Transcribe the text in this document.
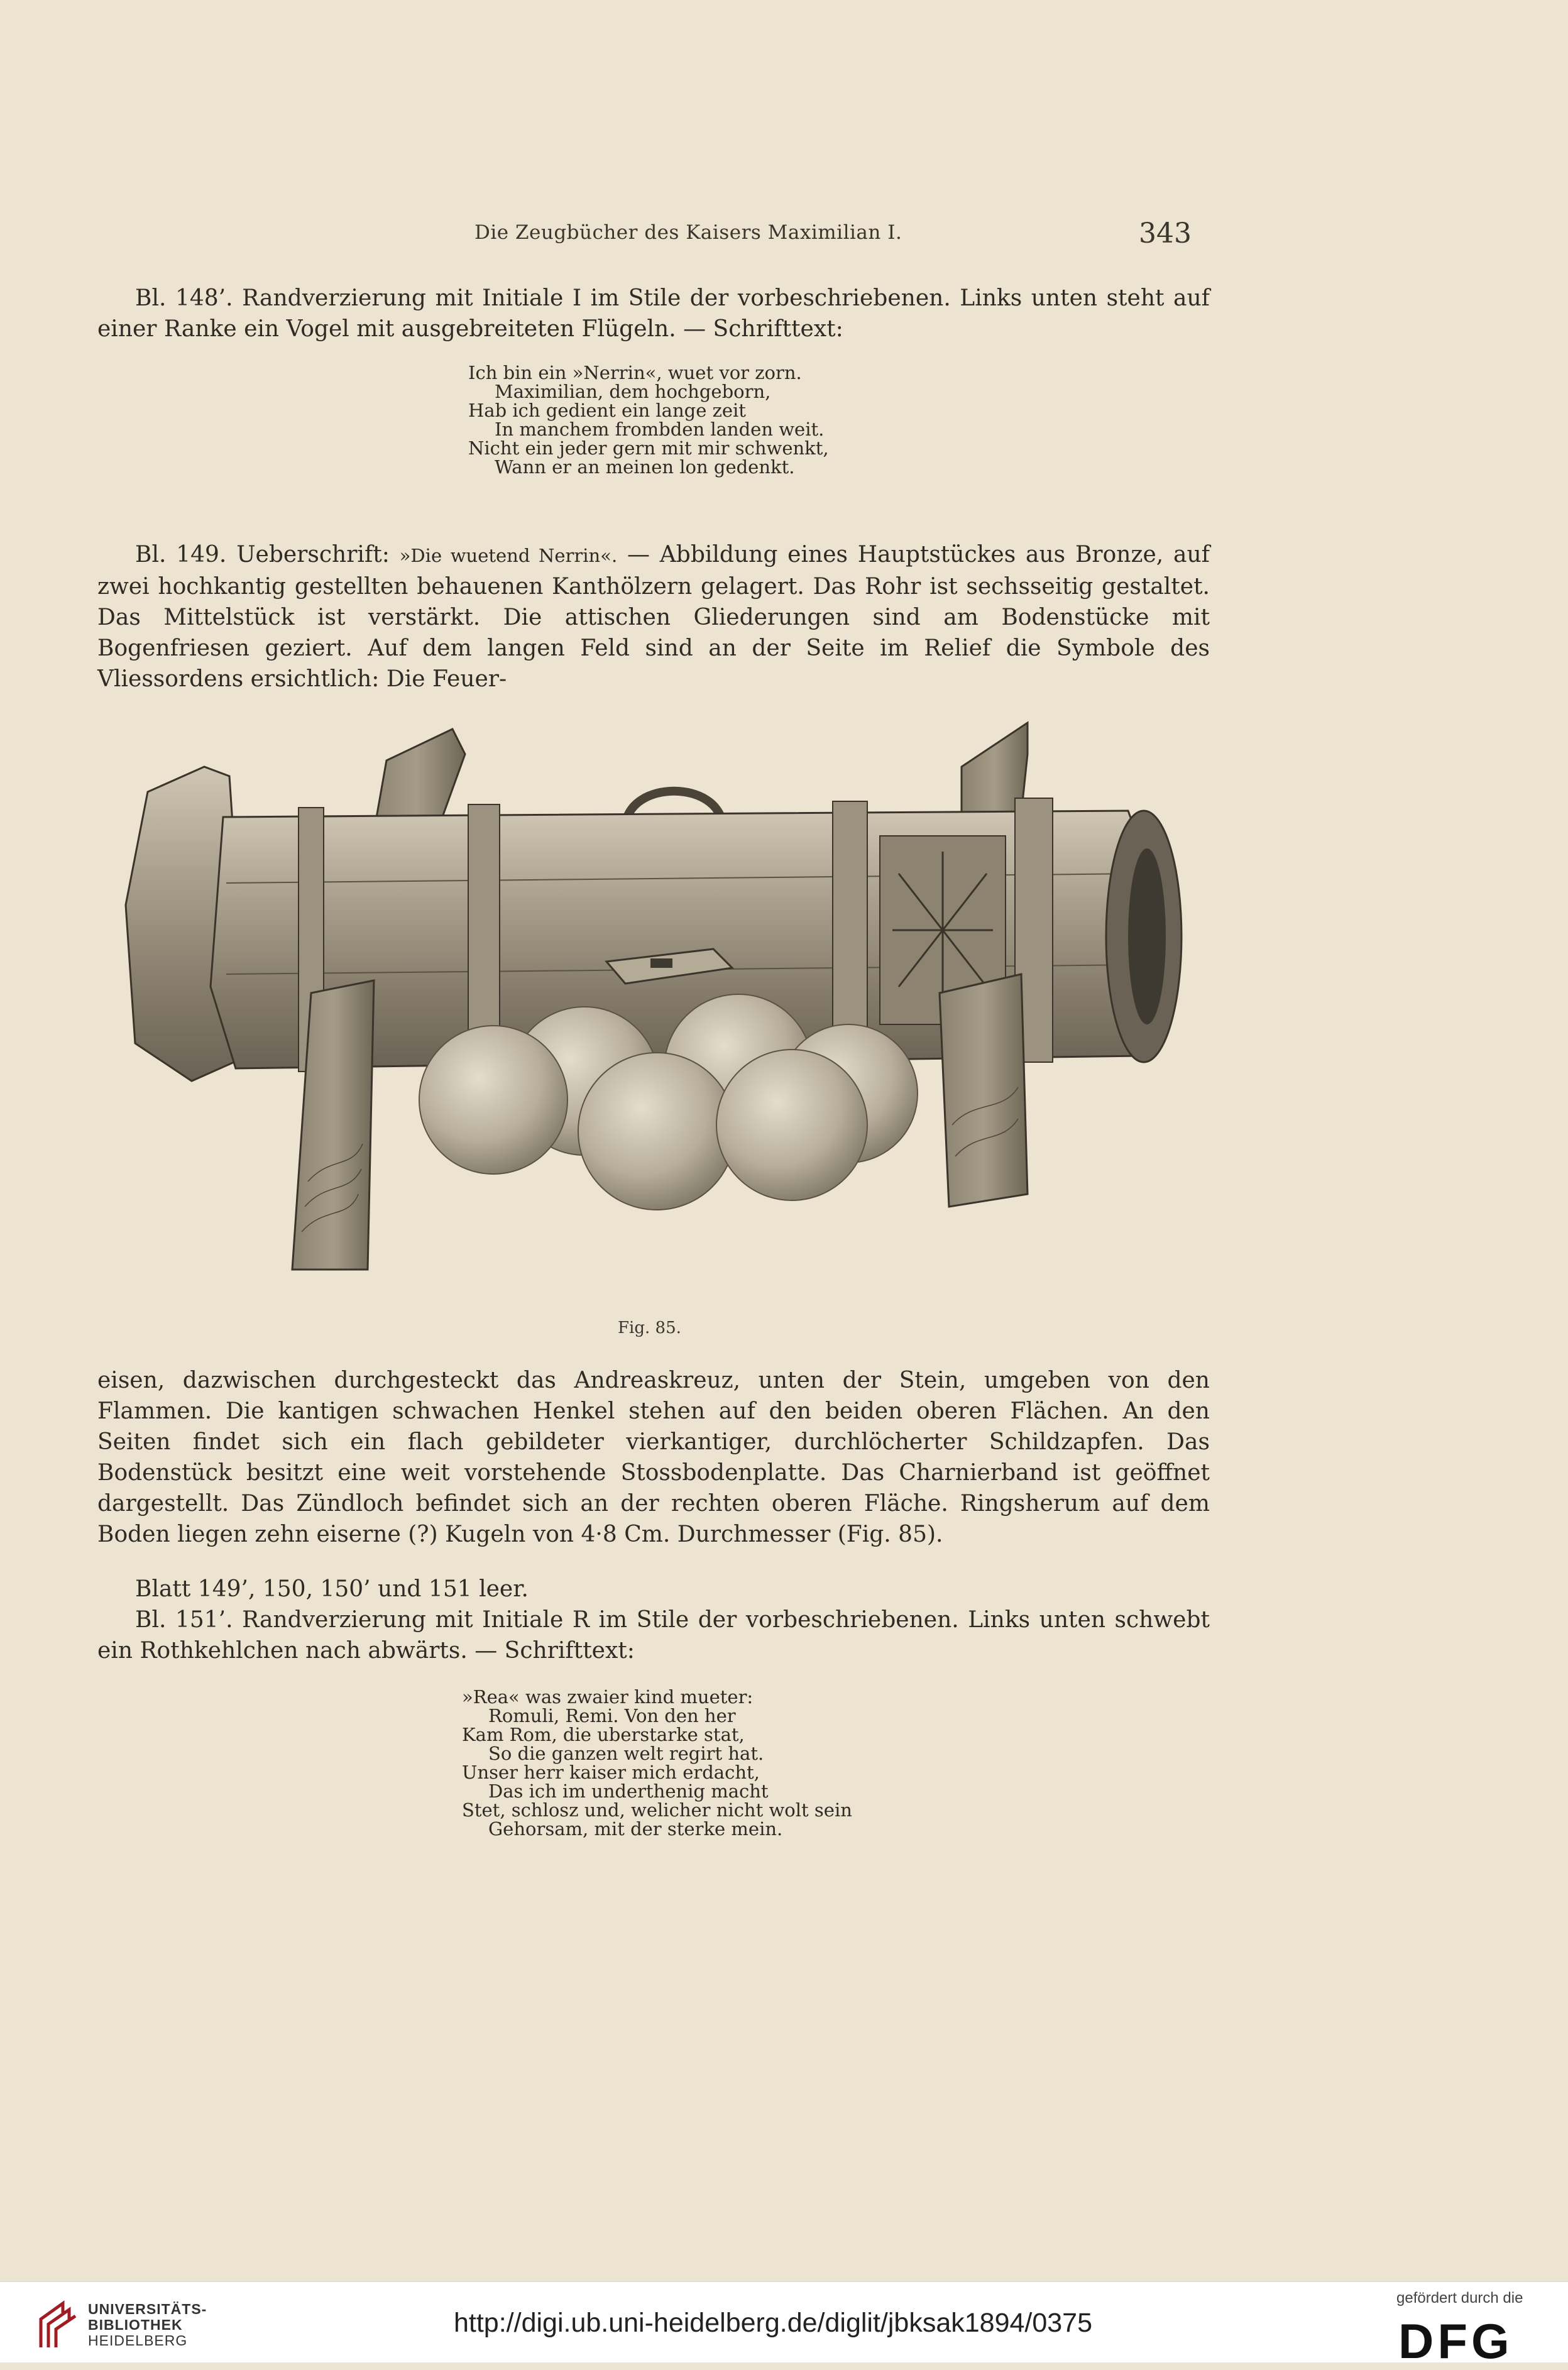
Die Zeugbücher des Kaisers Maximilian I.	343
Bl. 148’. Randverzierung mit Initiale I im Stile der vorbeschriebenen. Links unten steht auf einer Ranke ein Vogel mit ausgebreiteten Flügeln. — Schrifttext:
Ich bin ein »Nerrin«, wuet vor zorn.
Maximilian, dem hochgeborn,
Hab ich gedient ein lange zeit
In manchem frombden landen weit.
Nicht ein jeder gern mit mir schwenkt,
Wann er an meinen lon gedenkt.
Bl. 149. Ueberschrift: »Die wuetend Nerrin«. — Abbildung eines Hauptstückes aus Bronze, auf zwei hochkantig gestellten behauenen Kanthölzern gelagert. Das Rohr ist sechsseitig gestaltet. Das Mittelstück ist verstärkt. Die attischen Gliederungen sind am Bodenstücke mit Bogenfriesen geziert. Auf dem langen Feld sind an der Seite im Relief die Symbole des Vliessordens ersichtlich: Die Feuer-
Fig. 85.
eisen, dazwischen durchgesteckt das Andreaskreuz, unten der Stein, umgeben von den Flammen. Die kantigen schwachen Henkel stehen auf den beiden oberen Flächen. An den Seiten findet sich ein flach gebildeter vierkantiger, durchlöcherter Schildzapfen. Das Bodenstück besitzt eine weit vorstehende Stossbodenplatte. Das Charnierband ist geöffnet dargestellt. Das Zündloch befindet sich an der rechten oberen Fläche. Ringsherum auf dem Boden liegen zehn eiserne (?) Kugeln von 4·8 Cm. Durchmesser (Fig. 85).
Blatt 149’, 150, 150’ und 151 leer.
Bl. 151’. Randverzierung mit Initiale R im Stile der vorbeschriebenen. Links unten schwebt ein Rothkehlchen nach abwärts. — Schrifttext:
»Rea« was zwaier kind mueter:
Romuli, Remi. Von den her
Kam Rom, die uberstarke stat,
So die ganzen welt regirt hat.
Unser herr kaiser mich erdacht,
Das ich im underthenig macht
Stet, schlosz und, welicher nicht wolt sein
Gehorsam, mit der sterke mein.
UNIVERSITÄTS-
BIBLIOTHEK
HEIDELBERG
http://digi.ub.uni-heidelberg.de/diglit/jbksak1894/0375
gefördert durch die
DFG
